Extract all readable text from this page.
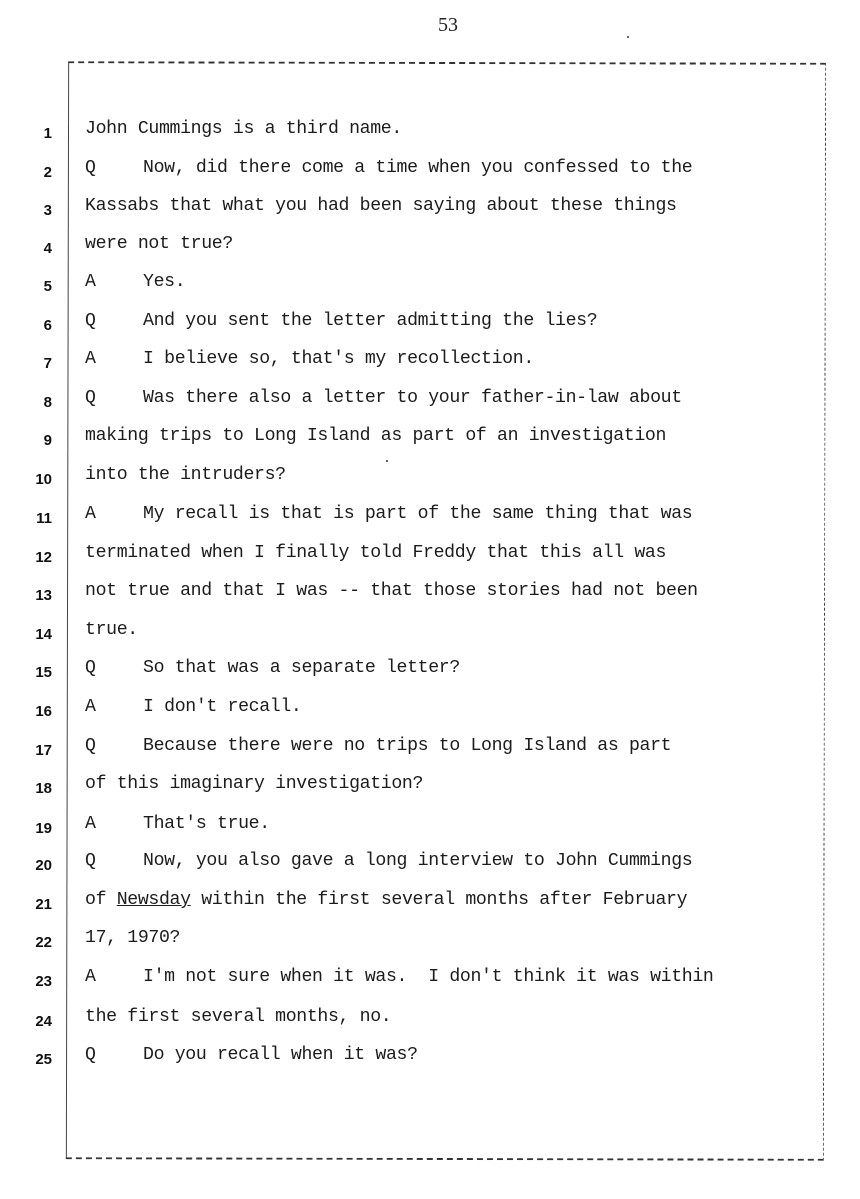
53
1 John Cummings is a third name.
2 Q	Now, did there come a time when you confessed to the
3 Kassabs that what you had been saying about these things
4 were not true?
5 A	Yes.
6 Q	And you sent the letter admitting the lies?
7 A	I believe so, that's my recollection.
8 Q	Was there also a letter to your father-in-law about
9 making trips to Long Island as part of an investigation
10 into the intruders?
11 A	My recall is that is part of the same thing that was
12 terminated when I finally told Freddy that this all was
13 not true and that I was -- that those stories had not been
14 true.
15 Q	So that was a separate letter?
16 A	I don't recall.
17 Q	Because there were no trips to Long Island as part
18 of this imaginary investigation?
19 A	That's true.
20 Q	Now, you also gave a long interview to John Cummings
21 of Newsday within the first several months after February
22 17, 1970?
23 A	I'm not sure when it was.  I don't think it was within
24 the first several months, no.
25 Q	Do you recall when it was?
